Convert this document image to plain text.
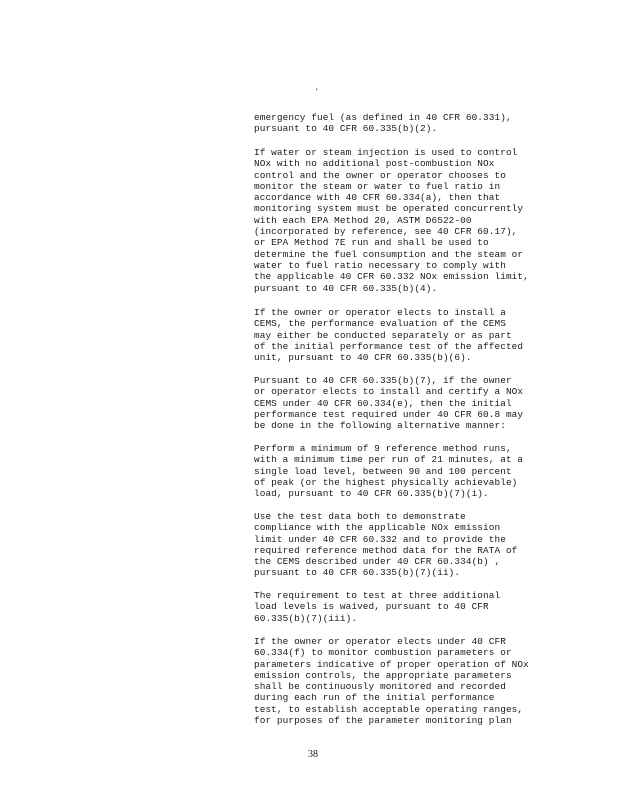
.
emergency fuel (as defined in 40 CFR 60.331),
pursuant to 40 CFR 60.335(b)(2).
If water or steam injection is used to control
NOx with no additional post-combustion NOx
control and the owner or operator chooses to
monitor the steam or water to fuel ratio in
accordance with 40 CFR 60.334(a), then that
monitoring system must be operated concurrently
with each EPA Method 20, ASTM D6522-00
(incorporated by reference, see 40 CFR 60.17),
or EPA Method 7E run and shall be used to
determine the fuel consumption and the steam or
water to fuel ratio necessary to comply with
the applicable 40 CFR 60.332 NOx emission limit,
pursuant to 40 CFR 60.335(b)(4).
If the owner or operator elects to install a
CEMS, the performance evaluation of the CEMS
may either be conducted separately or as part
of the initial performance test of the affected
unit, pursuant to 40 CFR 60.335(b)(6).
Pursuant to 40 CFR 60.335(b)(7), if the owner
or operator elects to install and certify a NOx
CEMS under 40 CFR 60.334(e), then the initial
performance test required under 40 CFR 60.8 may
be done in the following alternative manner:
Perform a minimum of 9 reference method runs,
with a minimum time per run of 21 minutes, at a
single load level, between 90 and 100 percent
of peak (or the highest physically achievable)
load, pursuant to 40 CFR 60.335(b)(7)(i).
Use the test data both to demonstrate
compliance with the applicable NOx emission
limit under 40 CFR 60.332 and to provide the
required reference method data for the RATA of
the CEMS described under 40 CFR 60.334(b) ,
pursuant to 40 CFR 60.335(b)(7)(ii).
The requirement to test at three additional
load levels is waived, pursuant to 40 CFR
60.335(b)(7)(iii).
If the owner or operator elects under 40 CFR
60.334(f) to monitor combustion parameters or
parameters indicative of proper operation of NOx
emission controls, the appropriate parameters
shall be continuously monitored and recorded
during each run of the initial performance
test, to establish acceptable operating ranges,
for purposes of the parameter monitoring plan
38
